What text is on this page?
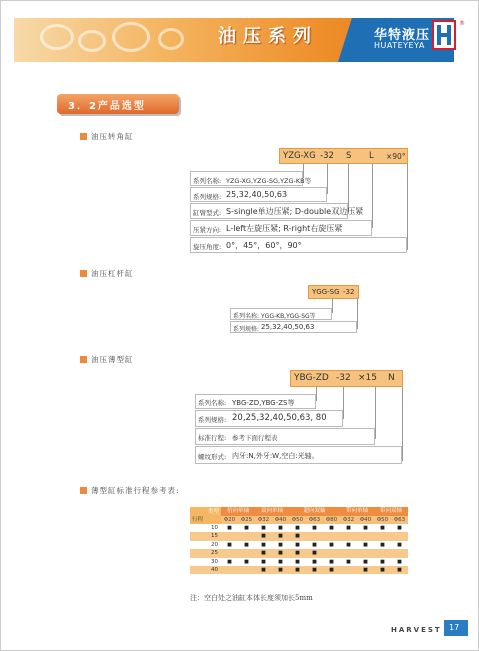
油压系列	华特液压
HUATEYEYA
®
3．2产品选型
油压转角缸
YZG-XG -32 S L ×90°
系列名称: YZG-XG,YZG-SG,YZG-KB等
系列规格: 25,32,40,50,63
缸臂型式: S-single单边压紧; D-double双边压紧
压紧方向: L-left左旋压紧; R-right右旋压紧
旋压角度: 0°，45°，60°，90°
油压杠杆缸
YGG-SG -32
系列名称: YGG-KB,YGG-SG等
系列规格: 25,32,40,50,63
油压薄型缸
YBG-ZD -32 ×15 N
系列名称: YBG-ZD,YBG-ZS等
系列规格: 20,25,32,40,50,63, 80
标准行程: 参考下面行程表
螺纹形式: 内牙:N,外牙:W,空白:光轴。
薄型缸标准行程参考表:
类型
行程	倍向单轴		双向单轴		超向双轴			带向单轴		带向双轴	
	Φ20	Φ25	Φ32	Φ40	Φ50	Φ63	Φ80	Φ32	Φ40	Φ50	Φ63
10	■	■	■	■	■	■	■	■	■	■	■
15			■	■	■						
20	■	■	■	■	■	■	■	■	■	■	■
25			■	■	■	■					
30	■	■	■	■	■	■	■	■	■	■	■
40			■	■	■	■	■		■	■	■
注：空白处之油缸本体长度须加长5mm
HARVEST 17
